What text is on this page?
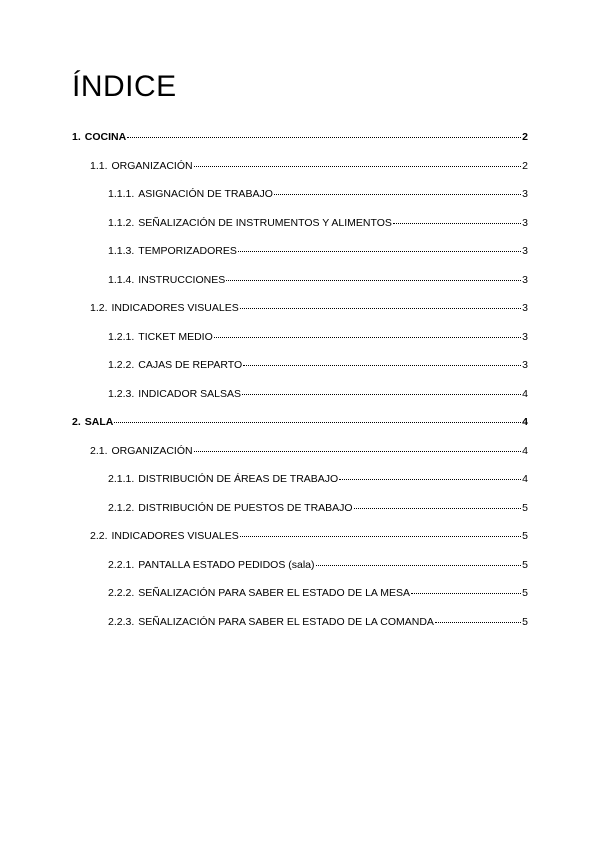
ÍNDICE
1. COCINA	2
1.1. ORGANIZACIÓN	2
1.1.1. ASIGNACIÓN DE TRABAJO	3
1.1.2. SEÑALIZACIÓN DE INSTRUMENTOS Y ALIMENTOS	3
1.1.3. TEMPORIZADORES	3
1.1.4. INSTRUCCIONES	3
1.2. INDICADORES VISUALES	3
1.2.1. TICKET MEDIO	3
1.2.2. CAJAS DE REPARTO	3
1.2.3. INDICADOR SALSAS	4
2. SALA	4
2.1. ORGANIZACIÓN	4
2.1.1. DISTRIBUCIÓN DE ÁREAS DE TRABAJO	4
2.1.2. DISTRIBUCIÓN DE PUESTOS DE TRABAJO	5
2.2. INDICADORES VISUALES	5
2.2.1. PANTALLA ESTADO PEDIDOS (sala)	5
2.2.2. SEÑALIZACIÓN PARA SABER EL ESTADO DE LA MESA	5
2.2.3. SEÑALIZACIÓN PARA SABER EL ESTADO DE LA COMANDA	5
